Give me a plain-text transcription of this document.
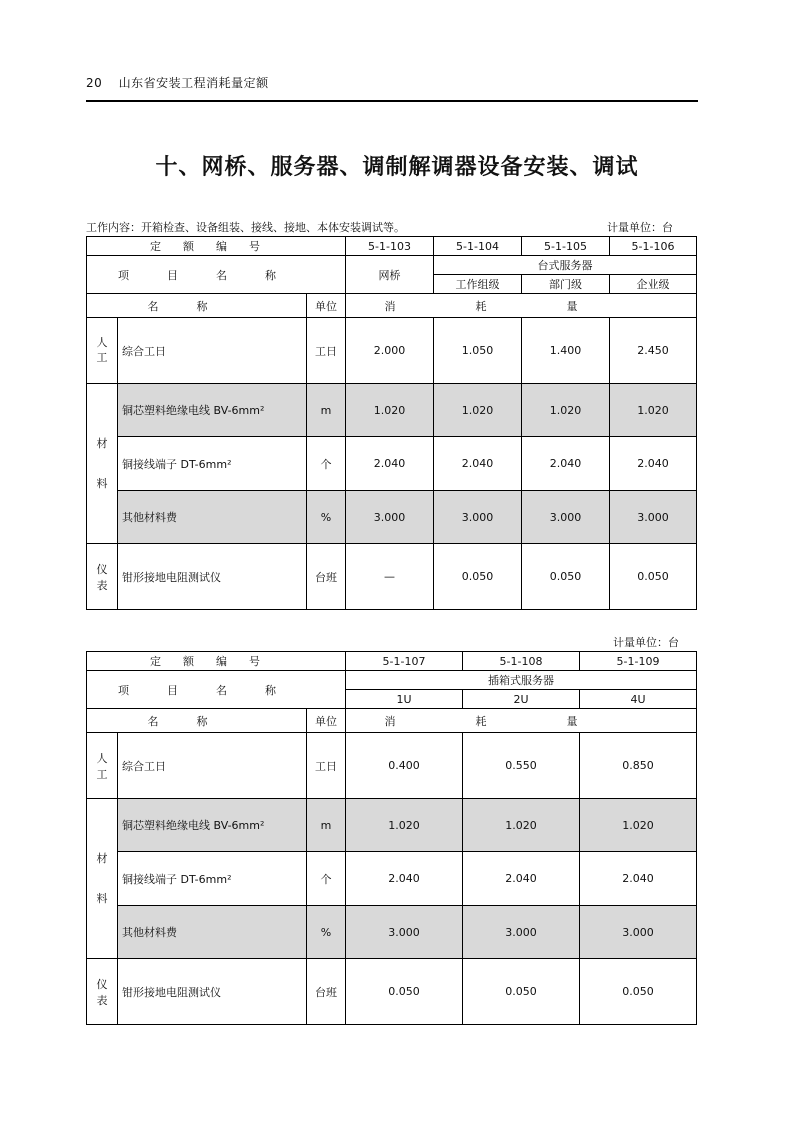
20 山东省安装工程消耗量定额
十、网桥、服务器、调制解调器设备安装、调试
工作内容：开箱检查、设备组装、接线、接地、本体安装调试等。	计量单位：台
定额编号			5-1-103	5-1-104	5-1-105	5-1-106
项目名称			网桥	台式服务器		
				工作组级	部门级	企业级
名称		单位	消耗量			
人工	综合工日	工日	2.000	1.050	1.400	2.450
材料	铜芯塑料绝缘电线 BV-6mm²	m	1.020	1.020	1.020	1.020
	铜接线端子 DT-6mm²	个	2.040	2.040	2.040	2.040
	其他材料费	%	3.000	3.000	3.000	3.000
仪表	钳形接地电阻测试仪	台班	—	0.050	0.050	0.050
计量单位：台
定额编号			5-1-107	5-1-108	5-1-109
项目名称			插箱式服务器		
			1U	2U	4U
名称		单位	消耗量		
人工	综合工日	工日	0.400	0.550	0.850
材料	铜芯塑料绝缘电线 BV-6mm²	m	1.020	1.020	1.020
	铜接线端子 DT-6mm²	个	2.040	2.040	2.040
	其他材料费	%	3.000	3.000	3.000
仪表	钳形接地电阻测试仪	台班	0.050	0.050	0.050
